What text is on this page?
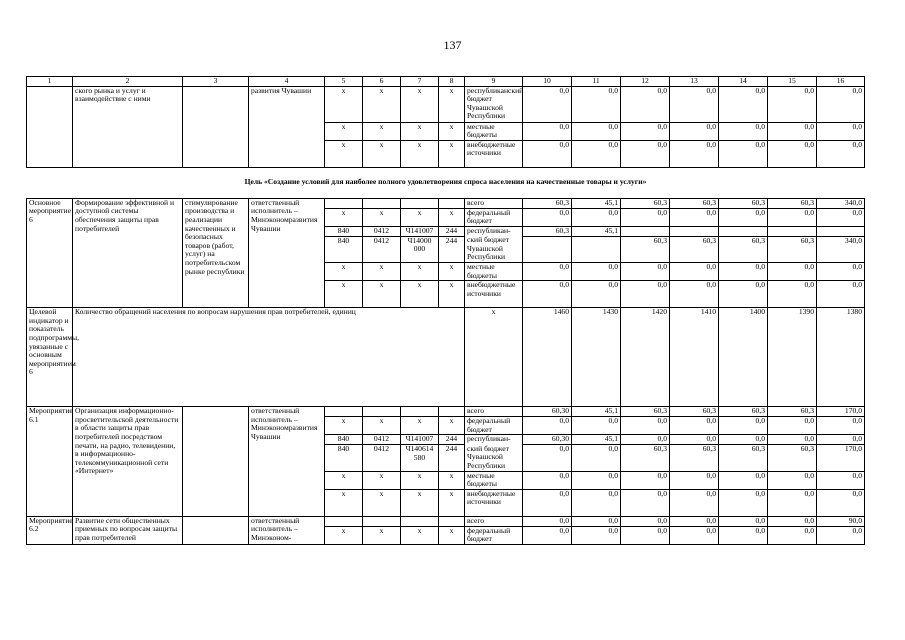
137
1	2	3	4	5	6	7	8	9	10	11	12	13	14	15	16
	ского рынка и услуг и взаимодействие с ними		развития Чувашии	x	x	x	x	республиканский бюджет Чувашской Республики	0,0	0,0	0,0	0,0	0,0	0,0	0,0
				x	x	x	x	местные бюджеты	0,0	0,0	0,0	0,0	0,0	0,0	0,0
				x	x	x	x	внебюджетные источники	0,0	0,0	0,0	0,0	0,0	0,0	0,0
Цель «Создание условий для наиболее полного удовлетворения спроса населения на качественные товары и услуги»															
Основное мероприятие 6	Формирование эффективной и доступной системы обеспечения защиты прав потребителей	стимулирование производства и реализации качественных и безопасных товаров (работ, услуг) на потребительском рынке республики	ответственный исполнитель – Минэкономразвития Чувашии					всего	60,3	45,1	60,3	60,3	60,3	60,3	340,0
				x	x	x	x	федеральный бюджет	0,0	0,0	0,0	0,0	0,0	0,0	0,0
				840	0412	Ч141007	244	республикан-	60,3	45,1					
				840	0412	Ч14000 000	244	ский бюджет Чувашской Республики			60,3	60,3	60,3	60,3	340,0
				x	x	x	x	местные бюджеты	0,0	0,0	0,0	0,0	0,0	0,0	0,0
				x	x	x	x	внебюджетные источники	0,0	0,0	0,0	0,0	0,0	0,0	0,0
Целевой индикатор и показатель подпрограммы, увязанные с основным мероприятием 6	Количество обращений населения по вопросам нарушения прав потребителей, единиц							x	1460	1430	1420	1410	1400	1390	1380
Мероприятие 6.1	Организация информационно-просветительской деятельности в области защиты прав потребителей посредством печати, на радио, телевидении, в информационно-телекоммуникационной сети «Интернет»		ответственный исполнитель – Минэкономразвития Чувашии					всего	60,30	45,1	60,3	60,3	60,3	60,3	170,0
				x	x	x	x	федеральный бюджет	0,0	0,0	0,0	0,0	0,0	0,0	0,0
				840	0412	Ч141007	244	республикан-	60,30	45,1	0,0	0,0	0,0	0,0	0,0
				840	0412	Ч140614 580	244	ский бюджет Чувашской Республики	0,0	0,0	60,3	60,3	60,3	60,3	170,0
				x	x	x	x	местные бюджеты	0,0	0,0	0,0	0,0	0,0	0,0	0,0
				x	x	x	x	внебюджетные источники	0,0	0,0	0,0	0,0	0,0	0,0	0,0
Мероприятие 6.2	Развитие сети общественных приемных по вопросам защиты прав потребителей		ответственный исполнитель – Минэконом-					всего	0,0	0,0	0,0	0,0	0,0	0,0	90,0
				x	x	x	x	федеральный бюджет	0,0	0,0	0,0	0,0	0,0	0,0	0,0
